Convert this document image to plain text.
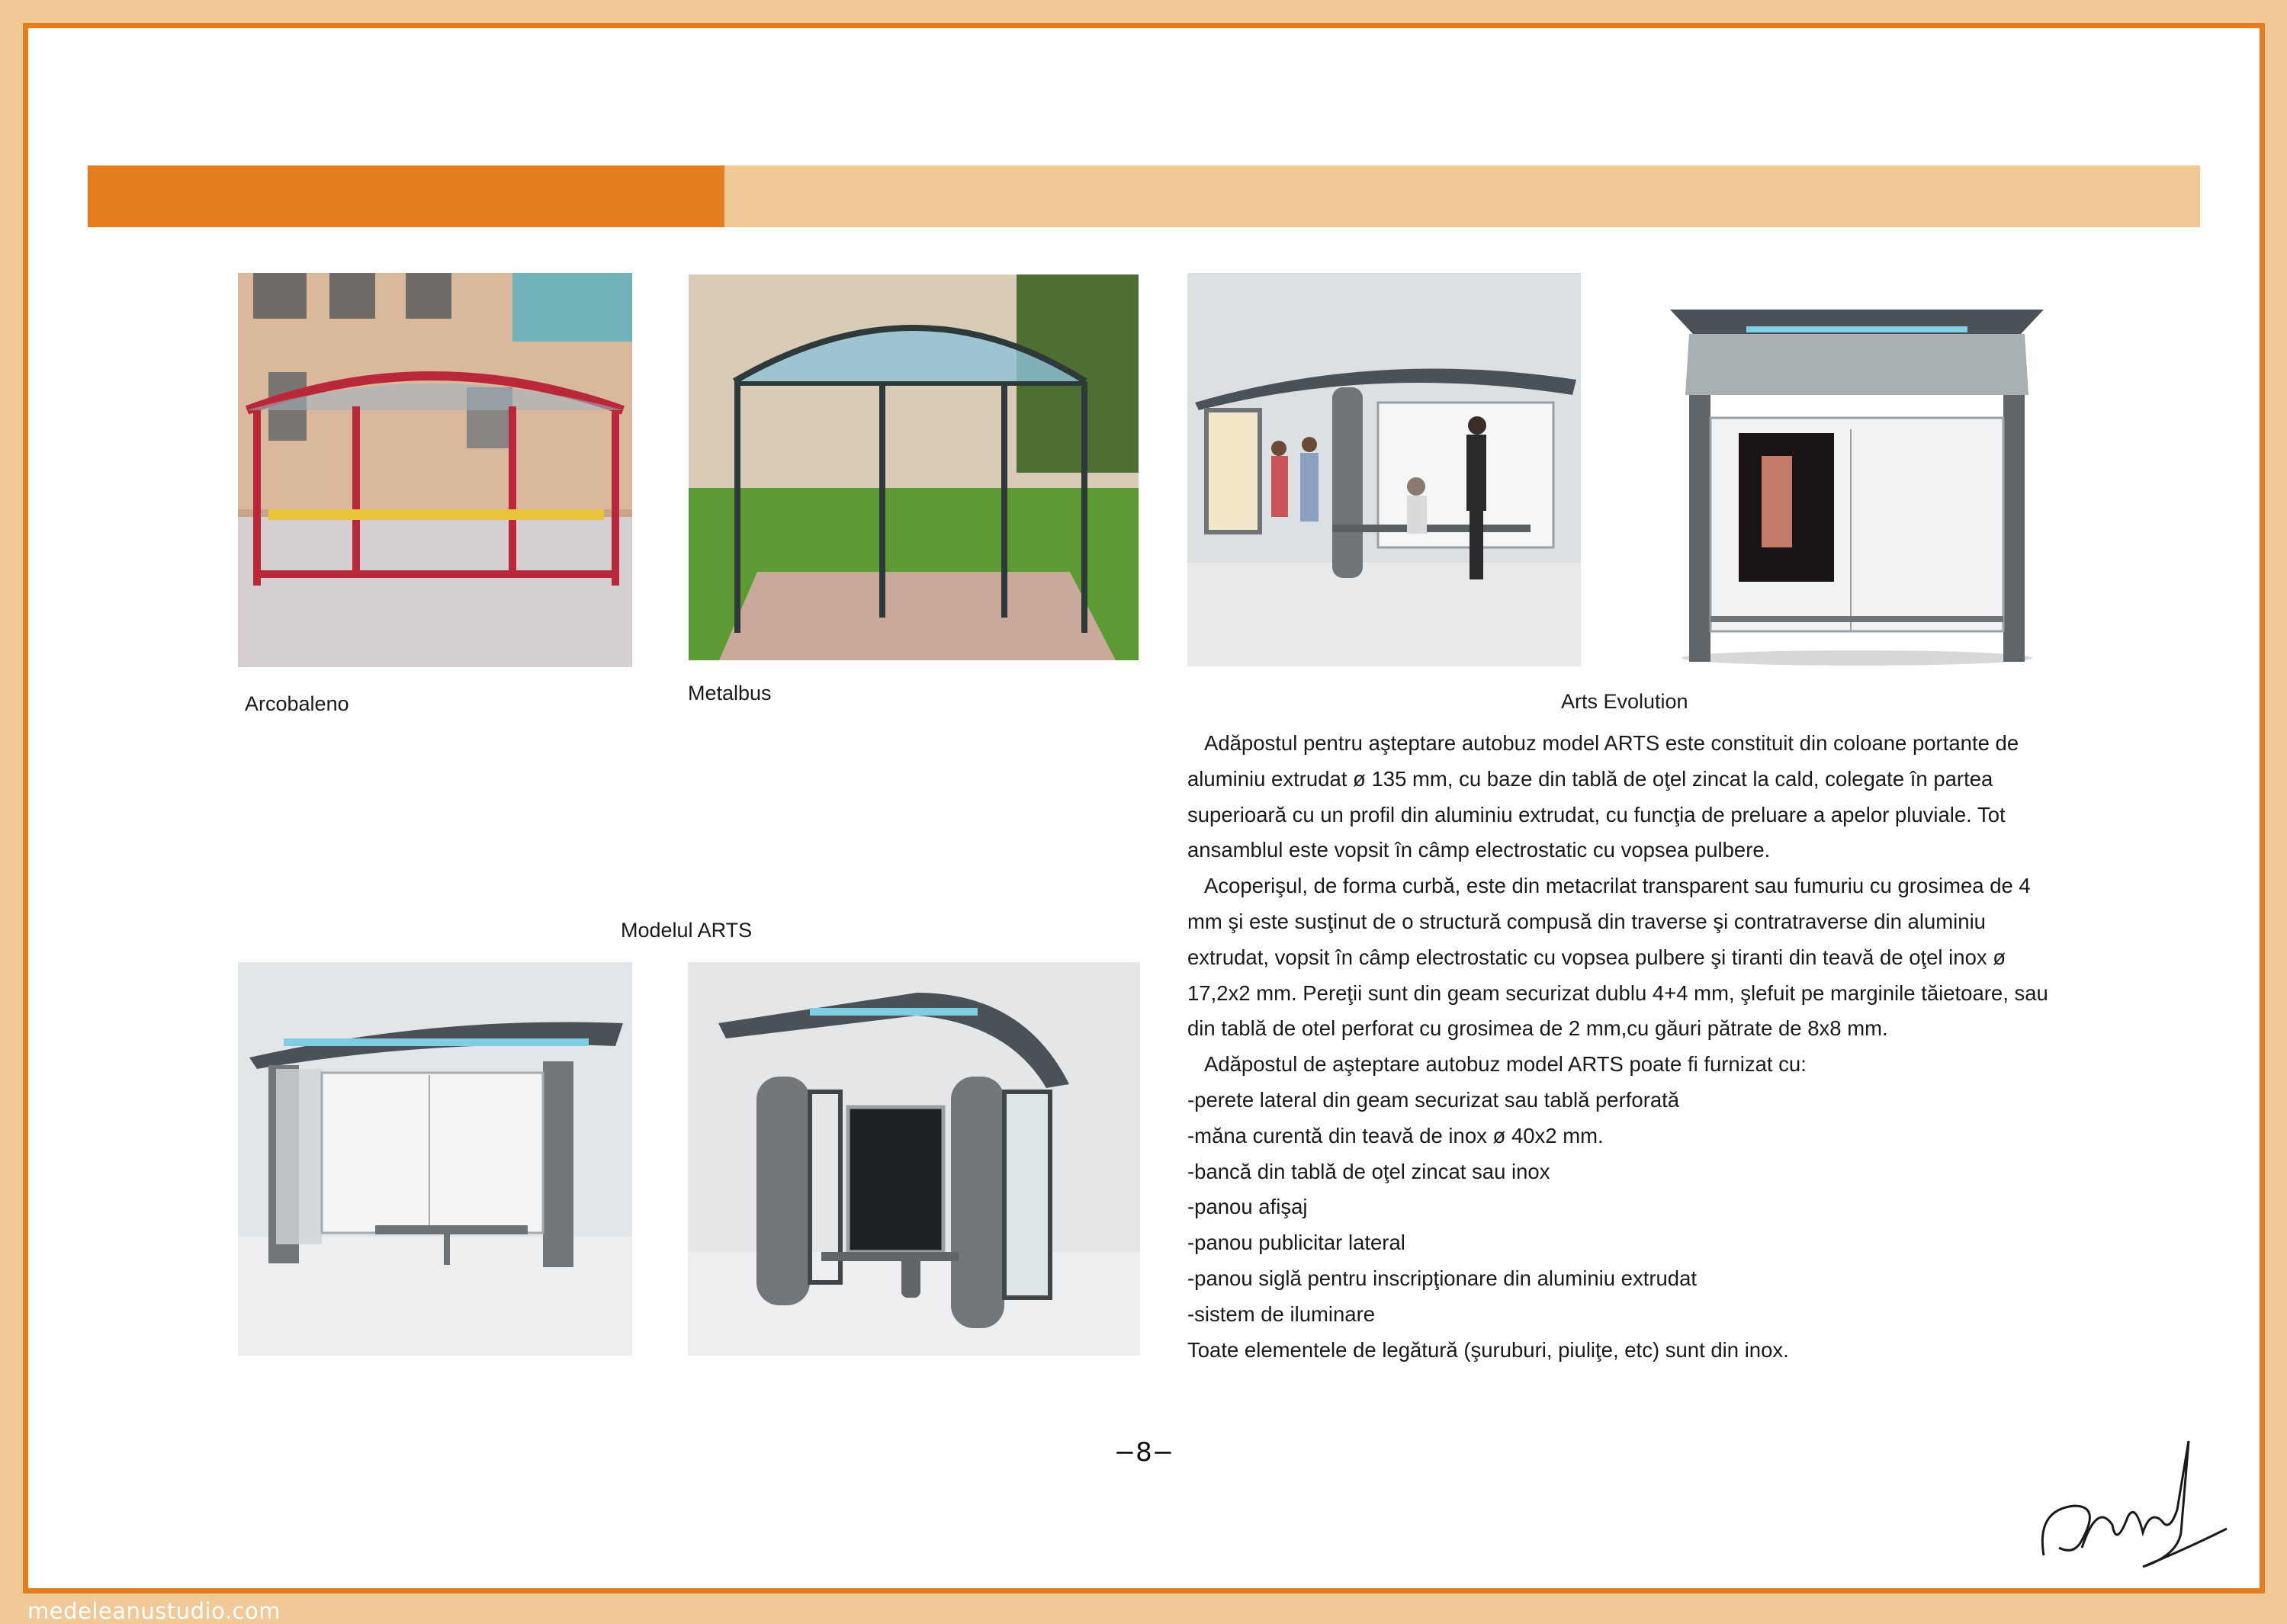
Arcobaleno	Metalbus	Arts Evolution
Modelul ARTS

Adăpostul pentru aşteptare autobuz model ARTS este constituit din coloane portante de aluminiu extrudat ø 135 mm, cu baze din tablă de oţel zincat la cald, colegate în partea superioară cu un profil din aluminiu extrudat, cu funcţia de preluare a apelor pluviale. Tot ansamblul este vopsit în câmp electrostatic cu vopsea pulbere.

Acoperişul, de forma curbă, este din metacrilat transparent sau fumuriu cu grosimea de 4 mm şi este susţinut de o structură compusă din traverse şi contratraverse din aluminiu extrudat, vopsit în câmp electrostatic cu vopsea pulbere şi tiranti din teavă de oţel inox ø 17,2x2 mm. Pereţii sunt din geam securizat dublu 4+4 mm, şlefuit pe marginile tăietoare, sau din tablă de otel perforat cu grosimea de 2 mm,cu găuri pătrate de 8x8 mm.

Adăpostul de aşteptare autobuz model ARTS poate fi furnizat cu:

-perete lateral din geam securizat sau tablă perforată

-măna curentă din teavă de inox ø 40x2 mm.

-bancă din tablă de oţel zincat sau inox

-panou afişaj

-panou publicitar lateral

-panou siglă pentru inscripţionare din aluminiu extrudat

-sistem de iluminare

Toate elementele de legătură (şuruburi, piuliţe, etc) sunt din inox.

−8−
medeleanustudio.com
